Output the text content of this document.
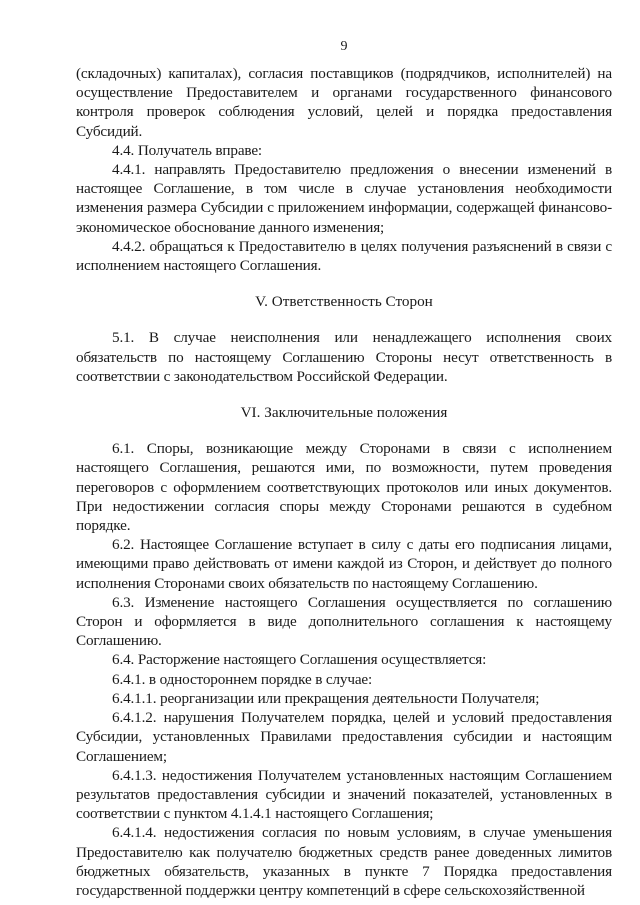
9

(складочных) капиталах), согласия поставщиков (подрядчиков, исполнителей) на осуществление Предоставителем и органами государственного финансового контроля проверок соблюдения условий, целей и порядка предоставления Субсидий.

4.4. Получатель вправе:

4.4.1. направлять Предоставителю предложения о внесении изменений в настоящее Соглашение, в том числе в случае установления необходимости изменения размера Субсидии с приложением информации, содержащей финансово-экономическое обоснование данного изменения;

4.4.2. обращаться к Предоставителю в целях получения разъяснений в связи с исполнением настоящего Соглашения.

V. Ответственность Сторон

5.1. В случае неисполнения или ненадлежащего исполнения своих обязательств по настоящему Соглашению Стороны несут ответственность в соответствии с законодательством Российской Федерации.

VI. Заключительные положения

6.1. Споры, возникающие между Сторонами в связи с исполнением настоящего Соглашения, решаются ими, по возможности, путем проведения переговоров с оформлением соответствующих протоколов или иных документов. При недостижении согласия споры между Сторонами решаются в судебном порядке.

6.2. Настоящее Соглашение вступает в силу с даты его подписания лицами, имеющими право действовать от имени каждой из Сторон, и действует до полного исполнения Сторонами своих обязательств по настоящему Соглашению.

6.3. Изменение настоящего Соглашения осуществляется по соглашению Сторон и оформляется в виде дополнительного соглашения к настоящему Соглашению.

6.4. Расторжение настоящего Соглашения осуществляется:

6.4.1. в одностороннем порядке в случае:

6.4.1.1. реорганизации или прекращения деятельности Получателя;

6.4.1.2. нарушения Получателем порядка, целей и условий предоставления Субсидии, установленных Правилами предоставления субсидии и настоящим Соглашением;

6.4.1.3. недостижения Получателем установленных настоящим Соглашением результатов предоставления субсидии и значений показателей, установленных в соответствии с пунктом 4.1.4.1 настоящего Соглашения;

6.4.1.4. недостижения согласия по новым условиям, в случае уменьшения Предоставителю как получателю бюджетных средств ранее доведенных лимитов бюджетных обязательств, указанных в пункте 7 Порядка предоставления государственной поддержки центру компетенций в сфере сельскохозяйственной
